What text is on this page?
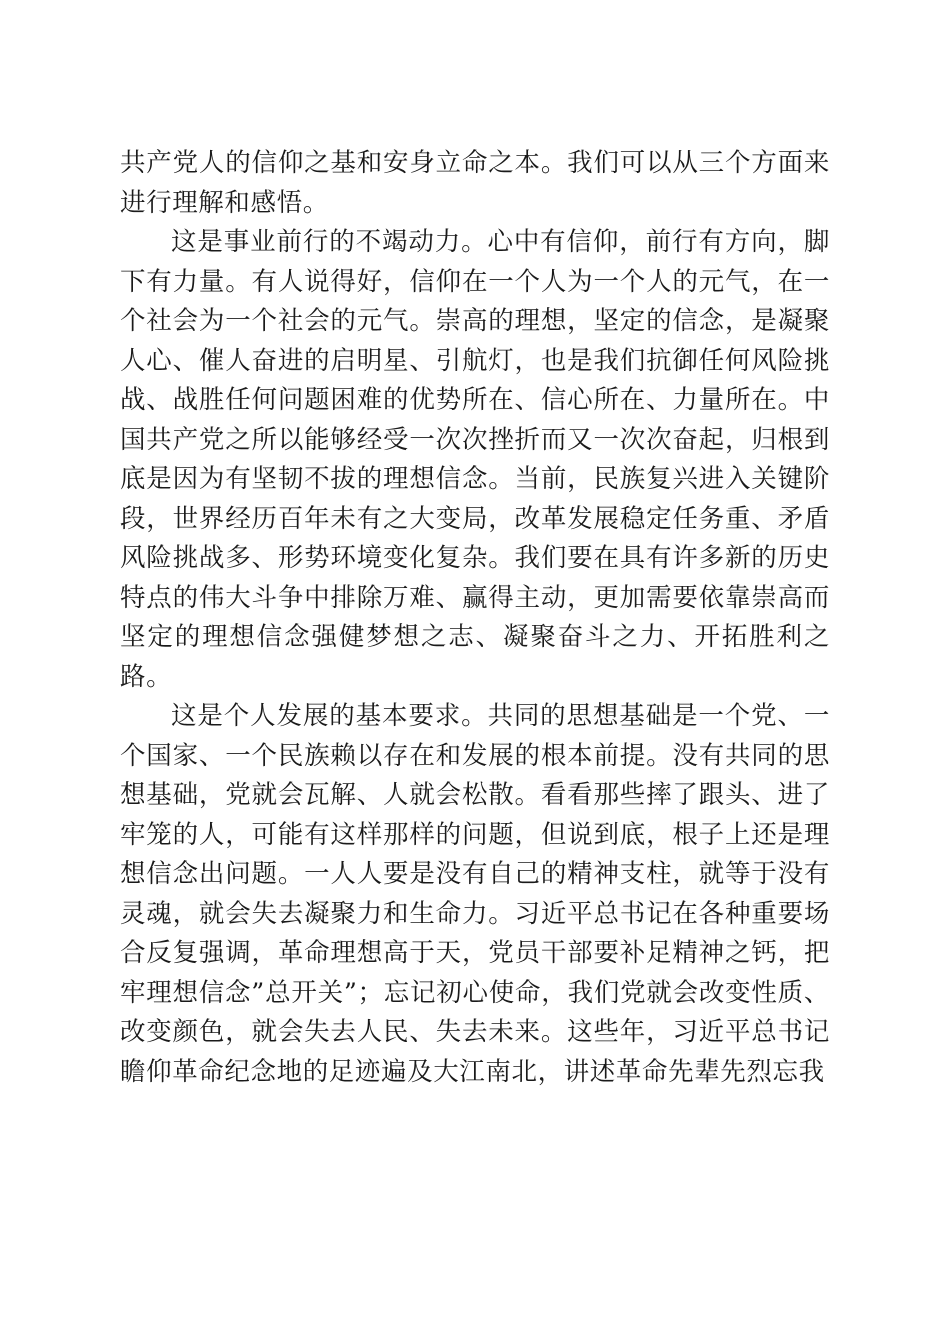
共产党人的信仰之基和安身立命之本。我们可以从三个方面来进行理解和感悟。

这是事业前行的不竭动力。心中有信仰，前行有方向，脚下有力量。有人说得好，信仰在一个人为一个人的元气，在一个社会为一个社会的元气。崇高的理想，坚定的信念，是凝聚人心、催人奋进的启明星、引航灯，也是我们抗御任何风险挑战、战胜任何问题困难的优势所在、信心所在、力量所在。中国共产党之所以能够经受一次次挫折而又一次次奋起，归根到底是因为有坚韧不拔的理想信念。当前，民族复兴进入关键阶段，世界经历百年未有之大变局，改革发展稳定任务重、矛盾风险挑战多、形势环境变化复杂。我们要在具有许多新的历史特点的伟大斗争中排除万难、赢得主动，更加需要依靠崇高而坚定的理想信念强健梦想之志、凝聚奋斗之力、开拓胜利之路。

这是个人发展的基本要求。共同的思想基础是一个党、一个国家、一个民族赖以存在和发展的根本前提。没有共同的思想基础，党就会瓦解、人就会松散。看看那些摔了跟头、进了牢笼的人，可能有这样那样的问题，但说到底，根子上还是理想信念出问题。一人人要是没有自己的精神支柱，就等于没有灵魂，就会失去凝聚力和生命力。习近平总书记在各种重要场合反复强调，革命理想高于天，党员干部要补足精神之钙，把牢理想信念”总开关”；忘记初心使命，我们党就会改变性质、改变颜色，就会失去人民、失去未来。这些年，习近平总书记瞻仰革命纪念地的足迹遍及大江南北，讲述革命先辈先烈忘我
